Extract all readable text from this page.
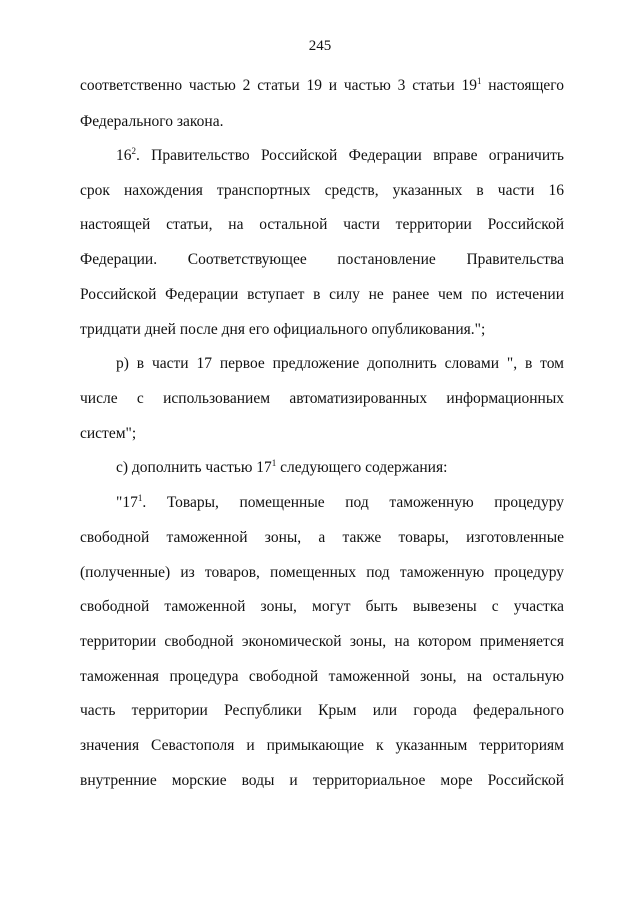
245
соответственно частью 2 статьи 19 и частью 3 статьи $19^1$ настоящего
Федерального закона.
$16^2$. Правительство Российской Федерации вправе ограничить
срок нахождения транспортных средств, указанных в части 16
настоящей статьи, на остальной части территории Российской
Федерации. Соответствующее постановление Правительства
Российской Федерации вступает в силу не ранее чем по истечении
тридцати дней после дня его официального опубликования.";
р) в части 17 первое предложение дополнить словами ", в том
числе с использованием автоматизированных информационных
систем";
с) дополнить частью $17^1$ следующего содержания:
"$17^1$. Товары, помещенные под таможенную процедуру
свободной таможенной зоны, а также товары, изготовленные
(полученные) из товаров, помещенных под таможенную процедуру
свободной таможенной зоны, могут быть вывезены с участка
территории свободной экономической зоны, на котором применяется
таможенная процедура свободной таможенной зоны, на остальную
часть территории Республики Крым или города федерального
значения Севастополя и примыкающие к указанным территориям
внутренние морские воды и территориальное море Российской
